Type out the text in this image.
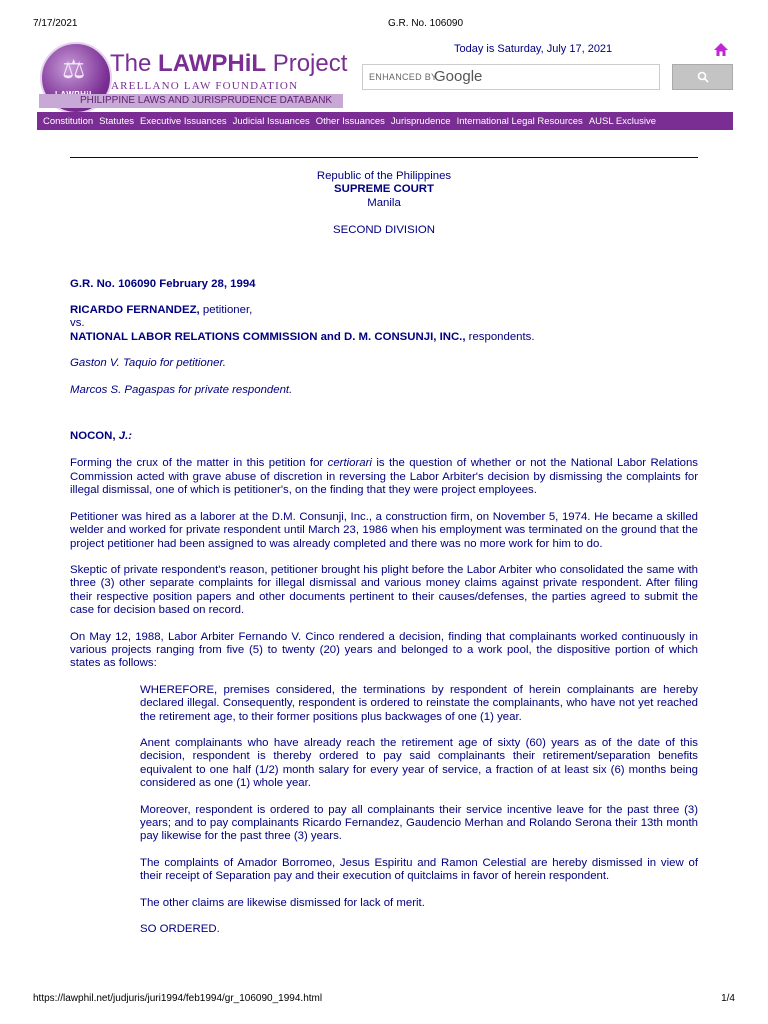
7/17/2021	G.R. No. 106090
⚖ The LAWPHiL Project
ARELLANO LAW FOUNDATION
PHILIPPINE LAWS AND JURISPRUDENCE DATABANK
Today is Saturday, July 17, 2021
ENHANCED BY
Google
Constitution Statutes Executive Issuances Judicial Issuances Other Issuances Jurisprudence International Legal Resources AUSL Exclusive
Republic of the Philippines
SUPREME COURT
Manila
SECOND DIVISION
G.R. No. 106090 February 28, 1994
RICARDO FERNANDEZ, petitioner,
vs.
NATIONAL LABOR RELATIONS COMMISSION and D. M. CONSUNJI, INC., respondents.
Gaston V. Taquio for petitioner.
Marcos S. Pagaspas for private respondent.
NOCON, J.:

Forming the crux of the matter in this petition for certiorari is the question of whether or not the National Labor Relations Commission acted with grave abuse of discretion in reversing the Labor Arbiter's decision by dismissing the complaints for illegal dismissal, one of which is petitioner's, on the finding that they were project employees.

Petitioner was hired as a laborer at the D.M. Consunji, Inc., a construction firm, on November 5, 1974. He became a skilled welder and worked for private respondent until March 23, 1986 when his employment was terminated on the ground that the project petitioner had been assigned to was already completed and there was no more work for him to do.

Skeptic of private respondent's reason, petitioner brought his plight before the Labor Arbiter who consolidated the same with three (3) other separate complaints for illegal dismissal and various money claims against private respondent. After filing their respective position papers and other documents pertinent to their causes/defenses, the parties agreed to submit the case for decision based on record.

On May 12, 1988, Labor Arbiter Fernando V. Cinco rendered a decision, finding that complainants worked continuously in various projects ranging from five (5) to twenty (20) years and belonged to a work pool, the dispositive portion of which states as follows:

WHEREFORE, premises considered, the terminations by respondent of herein complainants are hereby declared illegal. Consequently, respondent is ordered to reinstate the complainants, who have not yet reached the retirement age, to their former positions plus backwages of one (1) year.

Anent complainants who have already reach the retirement age of sixty (60) years as of the date of this decision, respondent is thereby ordered to pay said complainants their retirement/separation benefits equivalent to one half (1/2) month salary for every year of service, a fraction of at least six (6) months being considered as one (1) whole year.

Moreover, respondent is ordered to pay all complainants their service incentive leave for the past three (3) years; and to pay complainants Ricardo Fernandez, Gaudencio Merhan and Rolando Serona their 13th month pay likewise for the past three (3) years.

The complaints of Amador Borromeo, Jesus Espiritu and Ramon Celestial are hereby dismissed in view of their receipt of Separation pay and their execution of quitclaims in favor of herein respondent.

The other claims are likewise dismissed for lack of merit.

SO ORDERED.

https://lawphil.net/judjuris/juri1994/feb1994/gr_106090_1994.html	1/4
